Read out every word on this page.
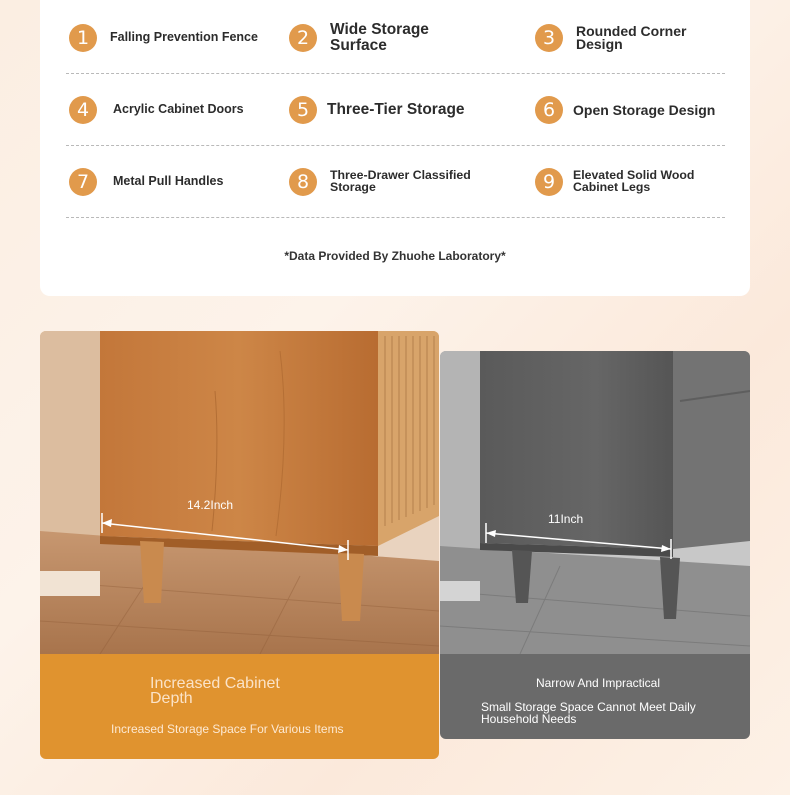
1	Falling Prevention Fence	2	Wide Storage Surface	3	Rounded Corner Design
4	Acrylic Cabinet Doors	5	Three-Tier Storage	6	Open Storage Design
7	Metal Pull Handles	8	Three-Drawer Classified Storage	9	Elevated Solid Wood Cabinet Legs
*Data Provided By Zhuohe Laboratory*
14.2Inch
Increased Cabinet Depth
Increased Storage Space For Various Items
11Inch
Narrow And Impractical
Small Storage Space Cannot Meet Daily Household Needs
